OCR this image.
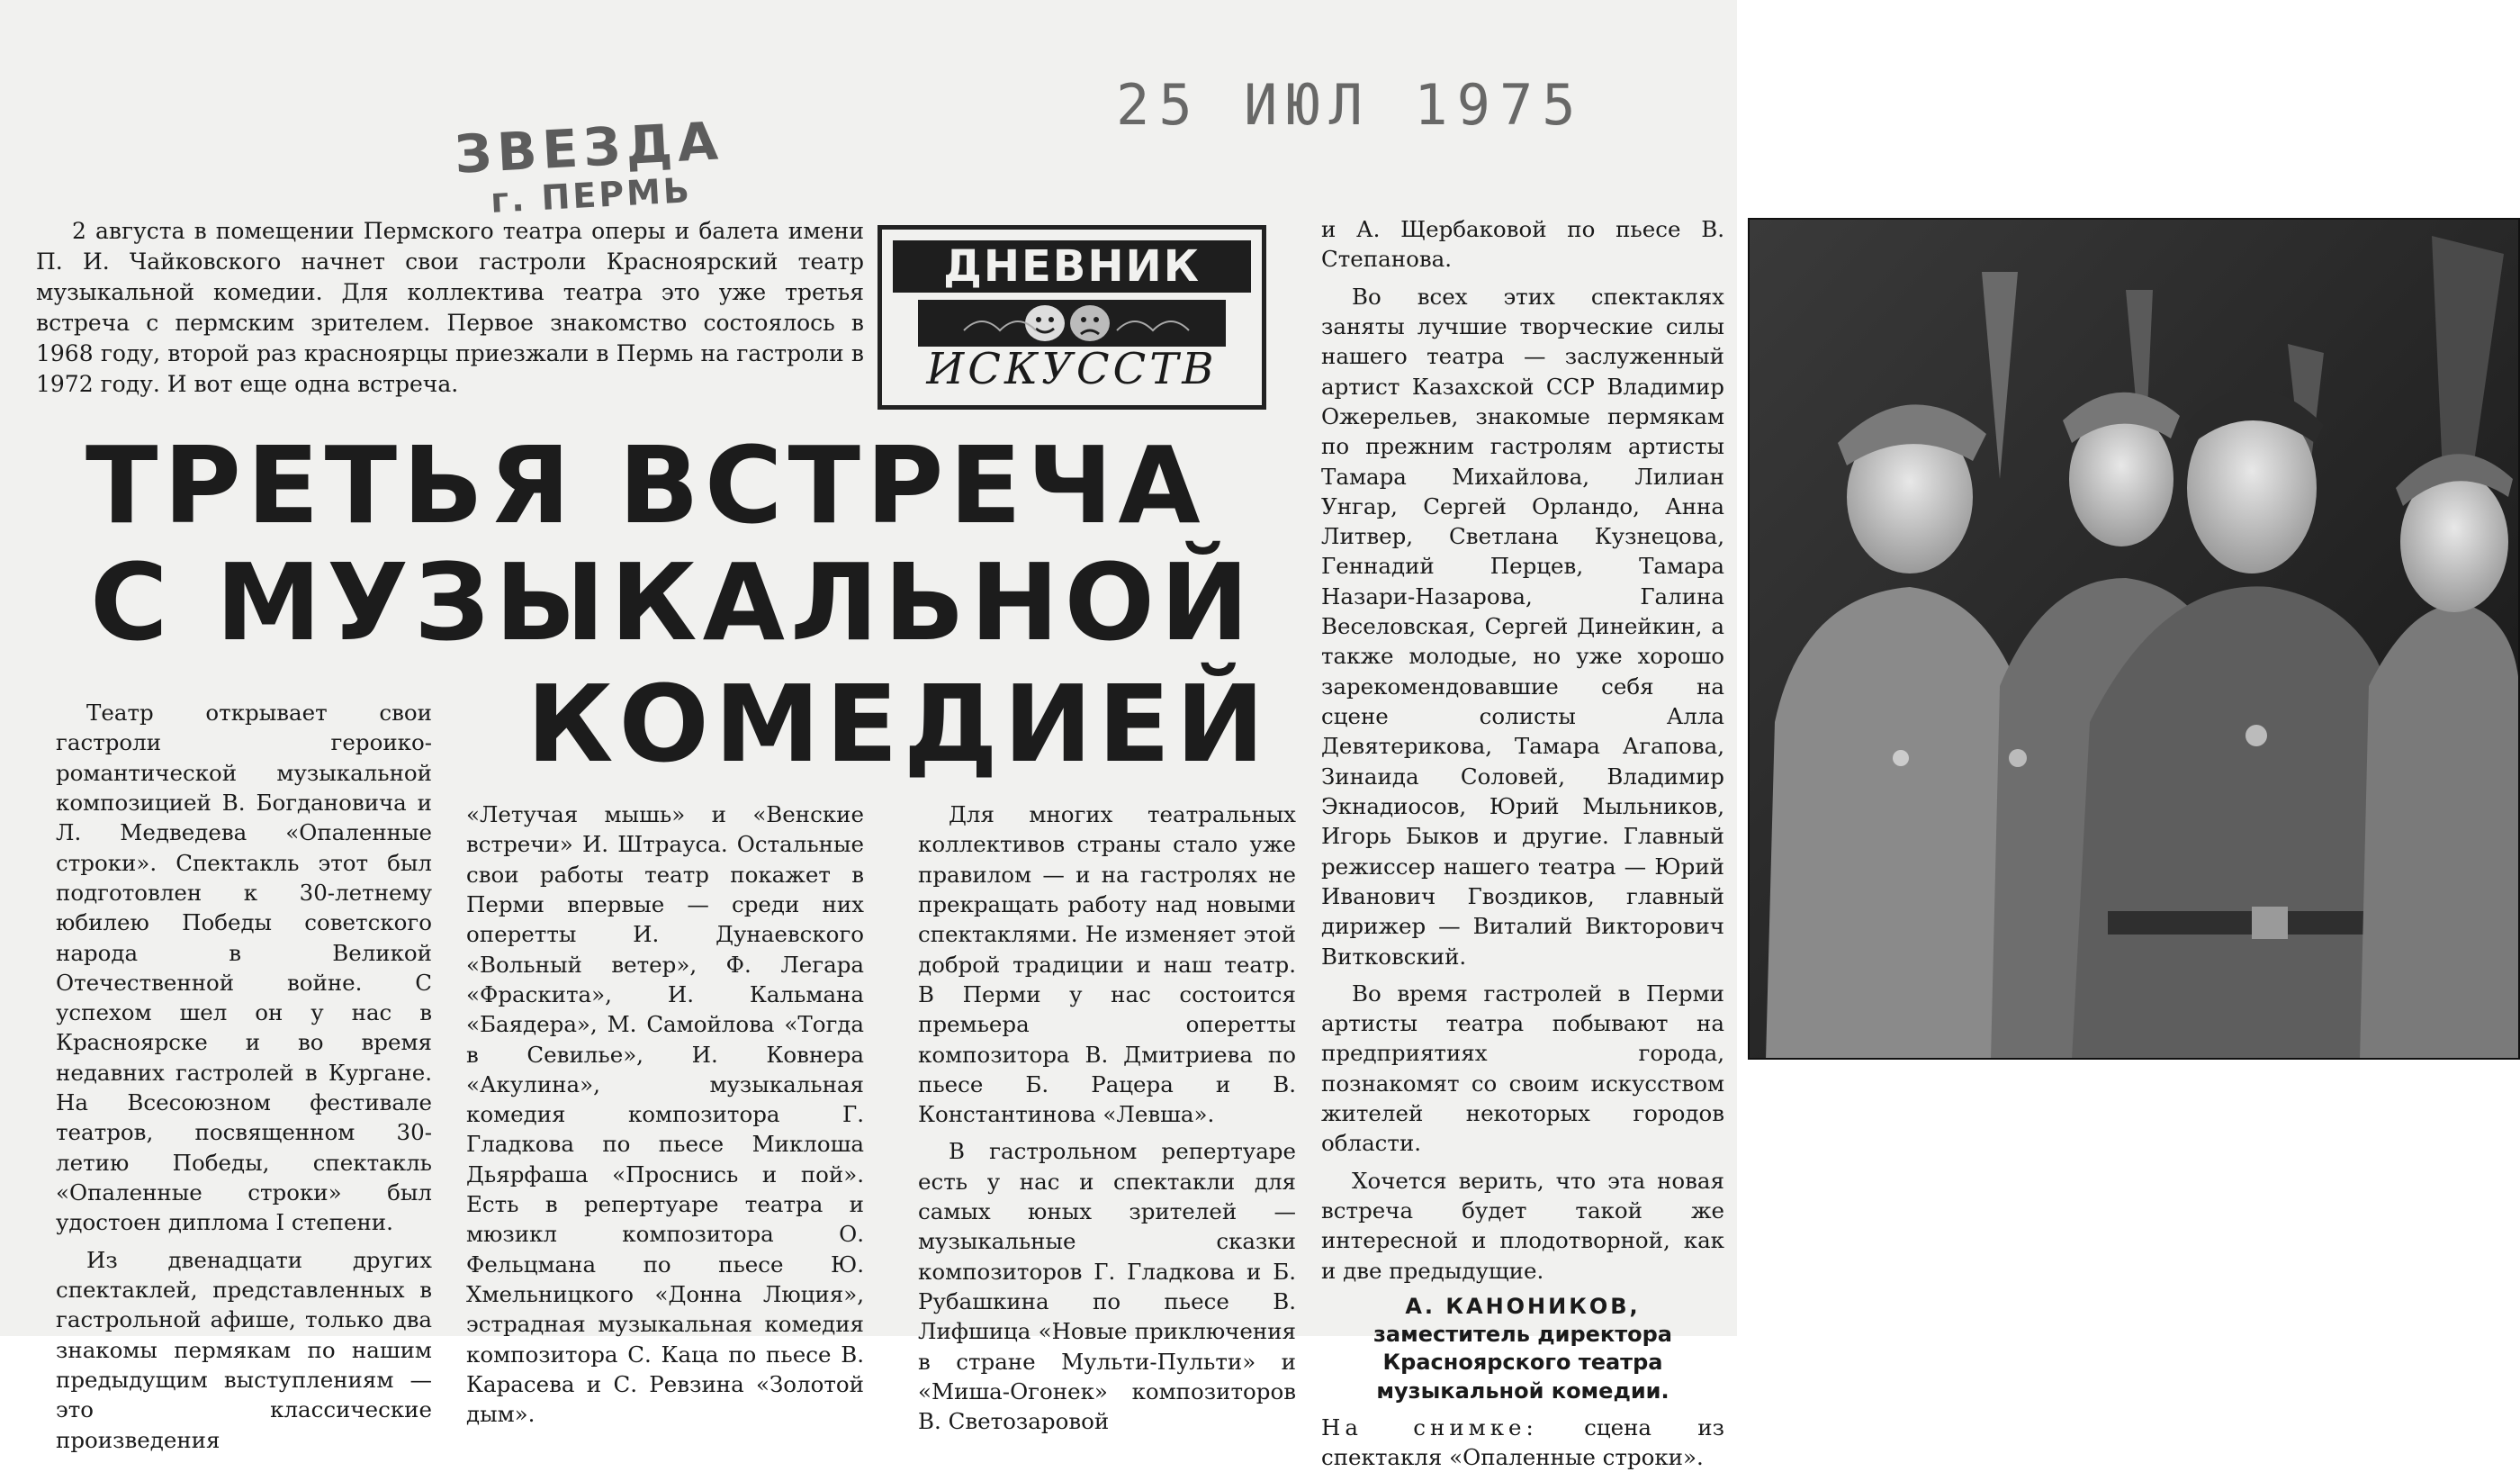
ЗВЕЗДА
г. ПЕРМЬ
25 ИЮЛ 1975
2 августа в помещении Пермского театра оперы и балета имени П. И. Чайковского начнет свои гастроли Красноярский театр музыкальной комедии. Для коллектива театра это уже третья встреча с пермским зрителем. Первое знакомство состоялось в 1968 году, второй раз красноярцы приезжали в Пермь на гастроли в 1972 году. И вот еще одна встреча.
ДНЕВНИК
ИСКУССТВ
ТРЕТЬЯ ВСТРЕЧА
С МУЗЫКАЛЬНОЙ
КОМЕДИЕЙ

Театр открывает свои гастроли героико-романтической музыкальной композицией В. Богдановича и Л. Медведева «Опаленные строки». Спектакль этот был подготовлен к 30-летнему юбилею Победы советского народа в Великой Отечественной войне. С успехом шел он у нас в Красноярске и во время недавних гастролей в Кургане. На Всесоюзном фестивале театров, посвященном 30-летию Победы, спектакль «Опаленные строки» был удостоен диплома I степени.

Из двенадцати других спектаклей, представленных в гастрольной афише, только два знакомы пермякам по нашим предыдущим выступлениям — это классические произведения

«Летучая мышь» и «Венские встречи» И. Штрауса. Остальные свои работы театр покажет в Перми впервые — среди них оперетты И. Дунаевского «Вольный ветер», Ф. Легара «Фраскита», И. Кальмана «Баядера», М. Самойлова «Тогда в Севилье», И. Ковнера «Акулина», музыкальная комедия композитора Г. Гладкова по пьесе Миклоша Дьярфаша «Проснись и пой». Есть в репертуаре театра и мюзикл композитора О. Фельцмана по пьесе Ю. Хмельницкого «Донна Люция», эстрадная музыкальная комедия композитора С. Каца по пьесе В. Карасева и С. Ревзина «Золотой дым».

Для многих театральных коллективов страны стало уже правилом — и на гастролях не прекращать работу над новыми спектаклями. Не изменяет этой доброй традиции и наш театр. В Перми у нас состоится премьера оперетты композитора В. Дмитриева по пьесе Б. Рацера и В. Константинова «Левша».

В гастрольном репертуаре есть у нас и спектакли для самых юных зрителей — музыкальные сказки композиторов Г. Гладкова и Б. Рубашкина по пьесе В. Лифшица «Новые приключения в стране Мульти-Пульти» и «Миша-Огонек» композиторов В. Светозаровой

и А. Щербаковой по пьесе В. Степанова.

Во всех этих спектаклях заняты лучшие творческие силы нашего театра — заслуженный артист Казахской ССР Владимир Ожерельев, знакомые пермякам по прежним гастролям артисты Тамара Михайлова, Лилиан Унгар, Сергей Орландо, Анна Литвер, Светлана Кузнецова, Геннадий Перцев, Тамара Назари-Назарова, Галина Веселовская, Сергей Динейкин, а также молодые, но уже хорошо зарекомендовавшие себя на сцене солисты Алла Девятерикова, Тамара Агапова, Зинаида Соловей, Владимир Экнадиосов, Юрий Мыльников, Игорь Быков и другие. Главный режиссер нашего театра — Юрий Иванович Гвоздиков, главный дирижер — Виталий Викторович Витковский.

Во время гастролей в Перми артисты театра побывают на предприятиях города, познакомят со своим искусством жителей некоторых городов области.

Хочется верить, что эта новая встреча будет такой же интересной и плодотворной, как и две предыдущие.

А. КАНОНИКОВ,
заместитель директора Красноярского театра музыкальной комедии.
На снимке: сцена из спектакля «Опаленные строки».
